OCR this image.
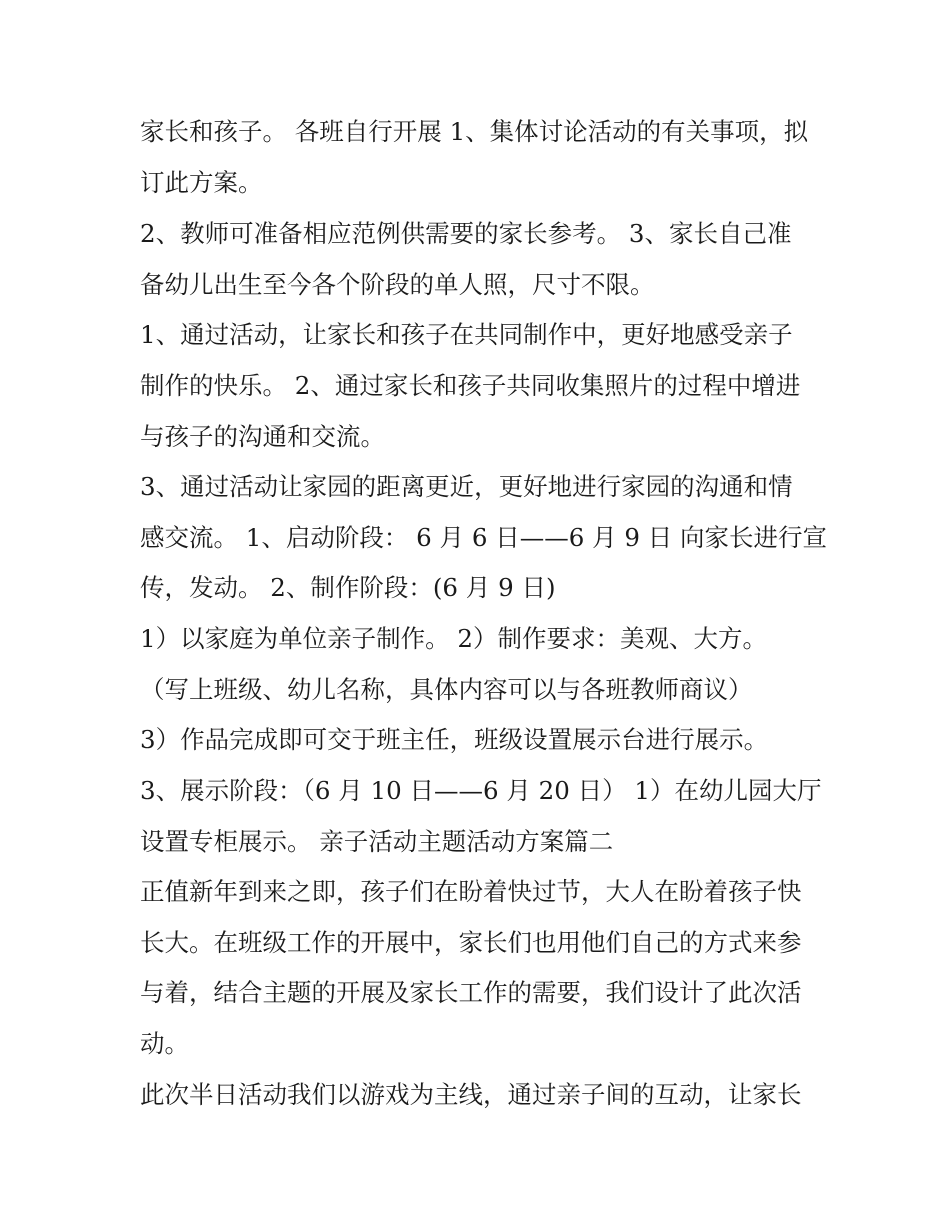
家长和孩子。 各班自行开展 1、集体讨论活动的有关事项，拟
订此方案。
2、教师可准备相应范例供需要的家长参考。 3、家长自己准
备幼儿出生至今各个阶段的单人照，尺寸不限。
1、通过活动，让家长和孩子在共同制作中，更好地感受亲子
制作的快乐。 2、通过家长和孩子共同收集照片的过程中增进
与孩子的沟通和交流。
3、通过活动让家园的距离更近，更好地进行家园的沟通和情
感交流。 1、启动阶段： 6 月 6 日——6 月 9 日 向家长进行宣
传，发动。 2、制作阶段：(6 月 9 日)
1）以家庭为单位亲子制作。 2）制作要求：美观、大方。
（写上班级、幼儿名称，具体内容可以与各班教师商议）
3）作品完成即可交于班主任，班级设置展示台进行展示。
3、展示阶段：（6 月 10 日——6 月 20 日） 1）在幼儿园大厅
设置专柜展示。 亲子活动主题活动方案篇二
正值新年到来之即，孩子们在盼着快过节，大人在盼着孩子快
长大。在班级工作的开展中，家长们也用他们自己的方式来参
与着，结合主题的开展及家长工作的需要，我们设计了此次活
动。
此次半日活动我们以游戏为主线，通过亲子间的互动，让家长
